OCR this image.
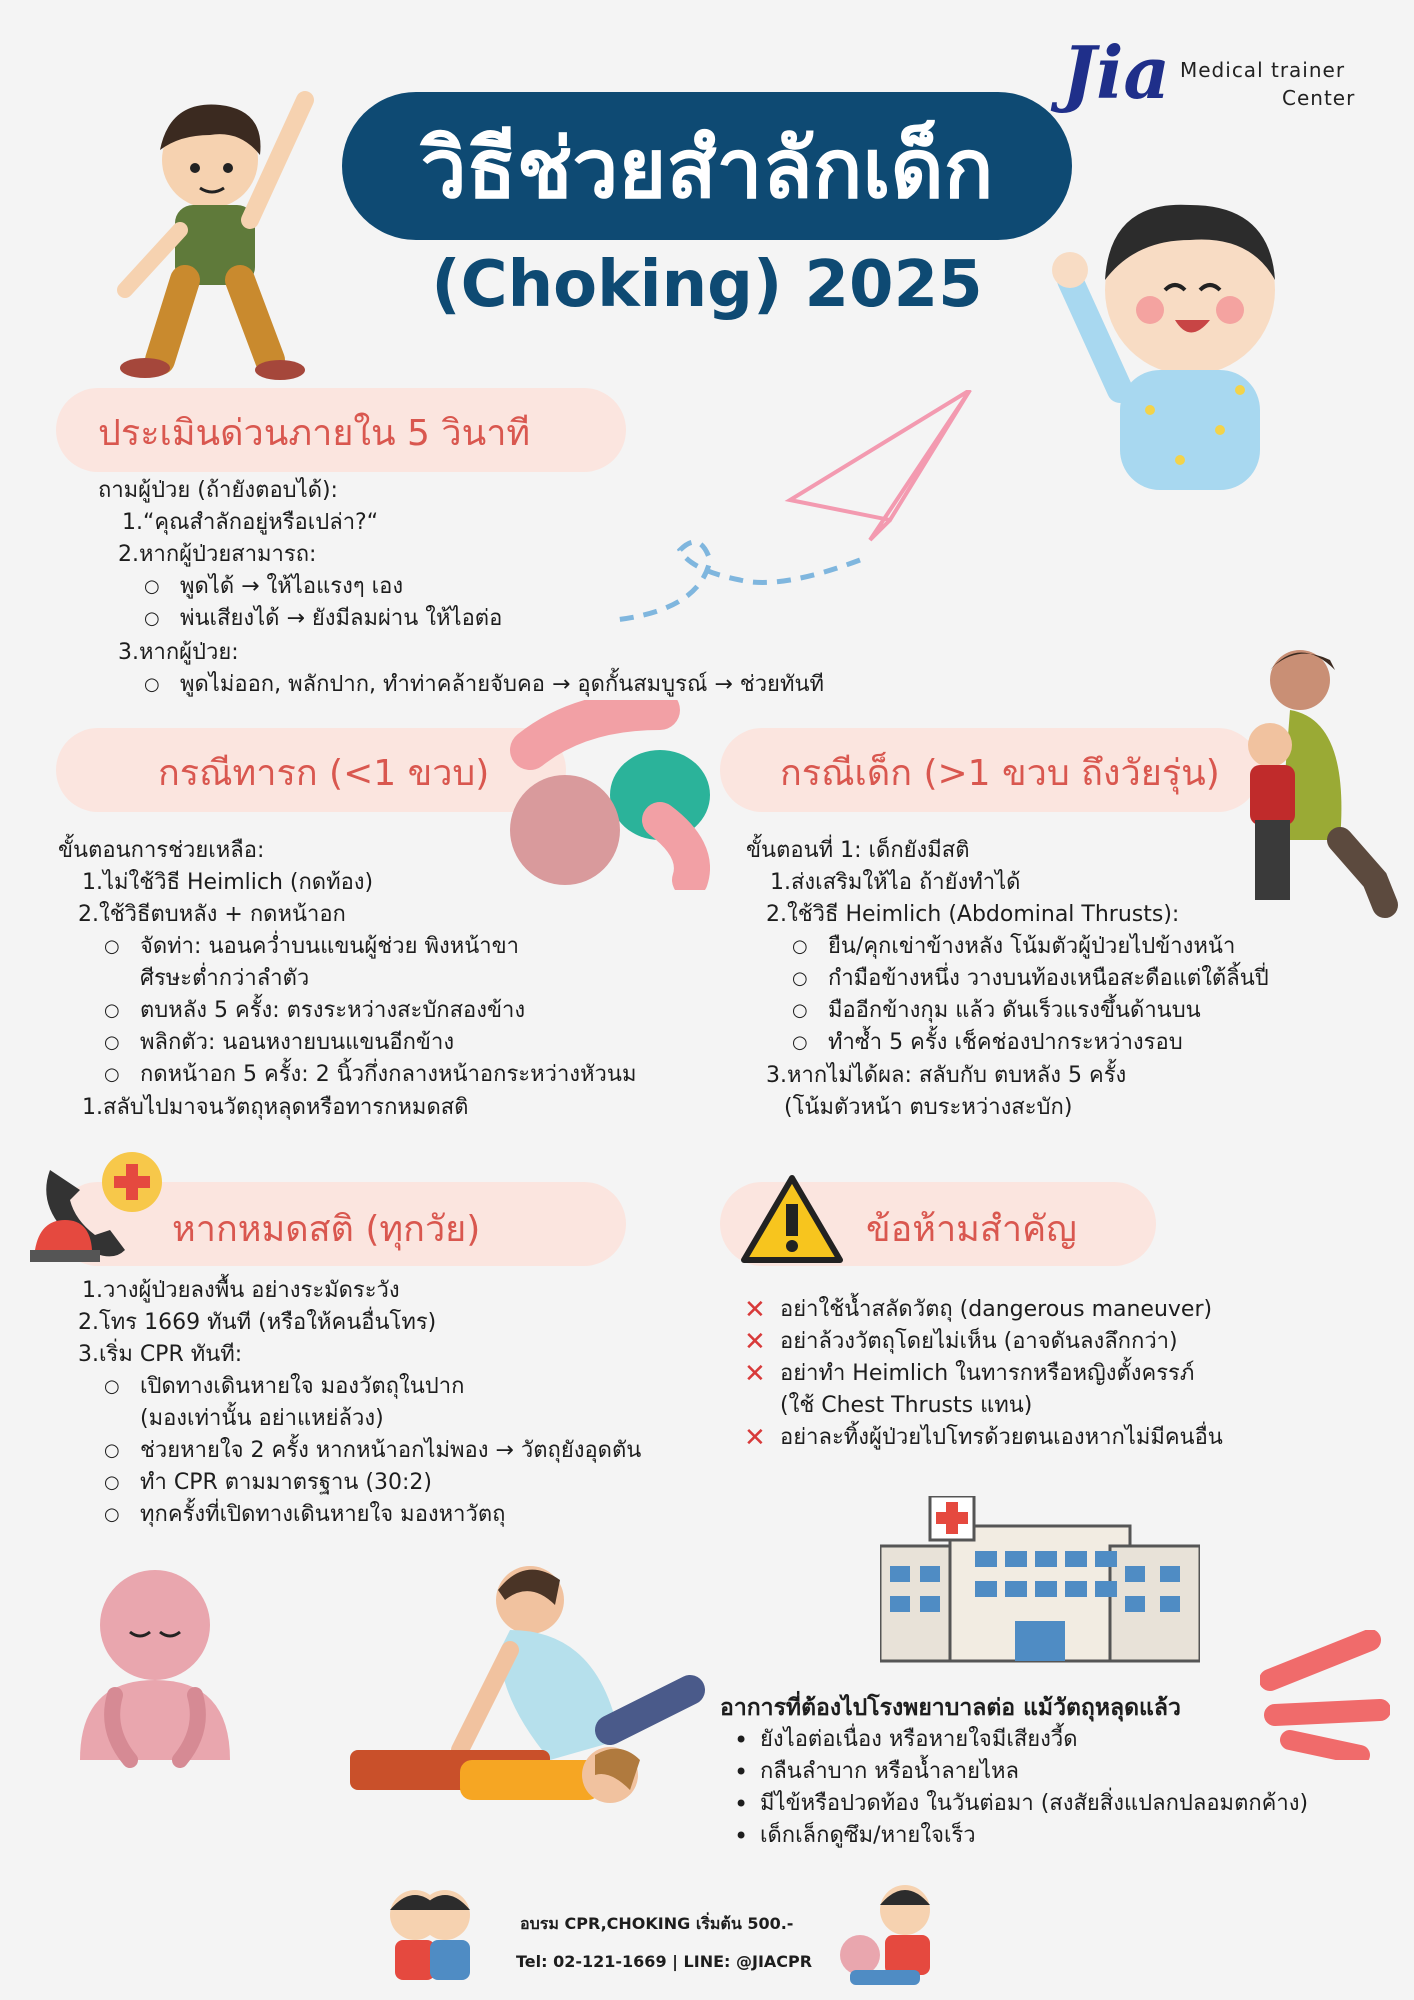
วิธีช่วยสำลักเด็ก
(Choking) 2025
Jia Medical trainer
Center
ประเมินด่วนภายใน 5 วินาที
ถามผู้ป่วย (ถ้ายังตอบได้):
1.“คุณสำลักอยู่หรือเปล่า?“
2.หากผู้ป่วยสามารถ:
○ พูดได้ → ให้ไอแรงๆ เอง
○ พ่นเสียงได้ → ยังมีลมผ่าน ให้ไอต่อ
3.หากผู้ป่วย:
○ พูดไม่ออก, พลักปาก, ทำท่าคล้ายจับคอ → อุดกั้นสมบูรณ์ → ช่วยทันที
กรณีทารก (<1 ขวบ)
ขั้นตอนการช่วยเหลือ:
1.ไม่ใช้วิธี Heimlich (กดท้อง)
2.ใช้วิธีตบหลัง + กดหน้าอก
○ จัดท่า: นอนคว่ำบนแขนผู้ช่วย พิงหน้าขา
ศีรษะต่ำกว่าลำตัว
○ ตบหลัง 5 ครั้ง: ตรงระหว่างสะบักสองข้าง
○ พลิกตัว: นอนหงายบนแขนอีกข้าง
○ กดหน้าอก 5 ครั้ง: 2 นิ้วกึ่งกลางหน้าอกระหว่างหัวนม
1.สลับไปมาจนวัตถุหลุดหรือทารกหมดสติ
กรณีเด็ก (>1 ขวบ ถึงวัยรุ่น)
ขั้นตอนที่ 1: เด็กยังมีสติ
1.ส่งเสริมให้ไอ ถ้ายังทำได้
2.ใช้วิธี Heimlich (Abdominal Thrusts):
○ ยืน/คุกเข่าข้างหลัง โน้มตัวผู้ป่วยไปข้างหน้า
○ กำมือข้างหนึ่ง วางบนท้องเหนือสะดือแต่ใต้ลิ้นปี่
○ มืออีกข้างกุม แล้ว ดันเร็วแรงขึ้นด้านบน
○ ทำซ้ำ 5 ครั้ง เช็คช่องปากระหว่างรอบ
3.หากไม่ได้ผล: สลับกับ ตบหลัง 5 ครั้ง
(โน้มตัวหน้า ตบระหว่างสะบัก)
หากหมดสติ (ทุกวัย)
1.วางผู้ป่วยลงพื้น อย่างระมัดระวัง
2.โทร 1669 ทันที (หรือให้คนอื่นโทร)
3.เริ่ม CPR ทันที:
○ เปิดทางเดินหายใจ มองวัตถุในปาก
(มองเท่านั้น อย่าแหย่ล้วง)
○ ช่วยหายใจ 2 ครั้ง หากหน้าอกไม่พอง → วัตถุยังอุดตัน
○ ทำ CPR ตามมาตรฐาน (30:2)
○ ทุกครั้งที่เปิดทางเดินหายใจ มองหาวัตถุ
ข้อห้ามสำคัญ
✕ อย่าใช้น้ำสลัดวัตถุ (dangerous maneuver)
✕ อย่าล้วงวัตถุโดยไม่เห็น (อาจดันลงลึกกว่า)
✕ อย่าทำ Heimlich ในทารกหรือหญิงตั้งครรภ์
(ใช้ Chest Thrusts แทน)
✕ อย่าละทิ้งผู้ป่วยไปโทรด้วยตนเองหากไม่มีคนอื่น
อาการที่ต้องไปโรงพยาบาลต่อ แม้วัตถุหลุดแล้ว
• ยังไอต่อเนื่อง หรือหายใจมีเสียงวี้ด
• กลืนลำบาก หรือน้ำลายไหล
• มีไข้หรือปวดท้อง ในวันต่อมา (สงสัยสิ่งแปลกปลอมตกค้าง)
• เด็กเล็กดูซึม/หายใจเร็ว
อบรม CPR,CHOKING เริ่มต้น 500.-
Tel: 02-121-1669 | LINE: @JIACPR
